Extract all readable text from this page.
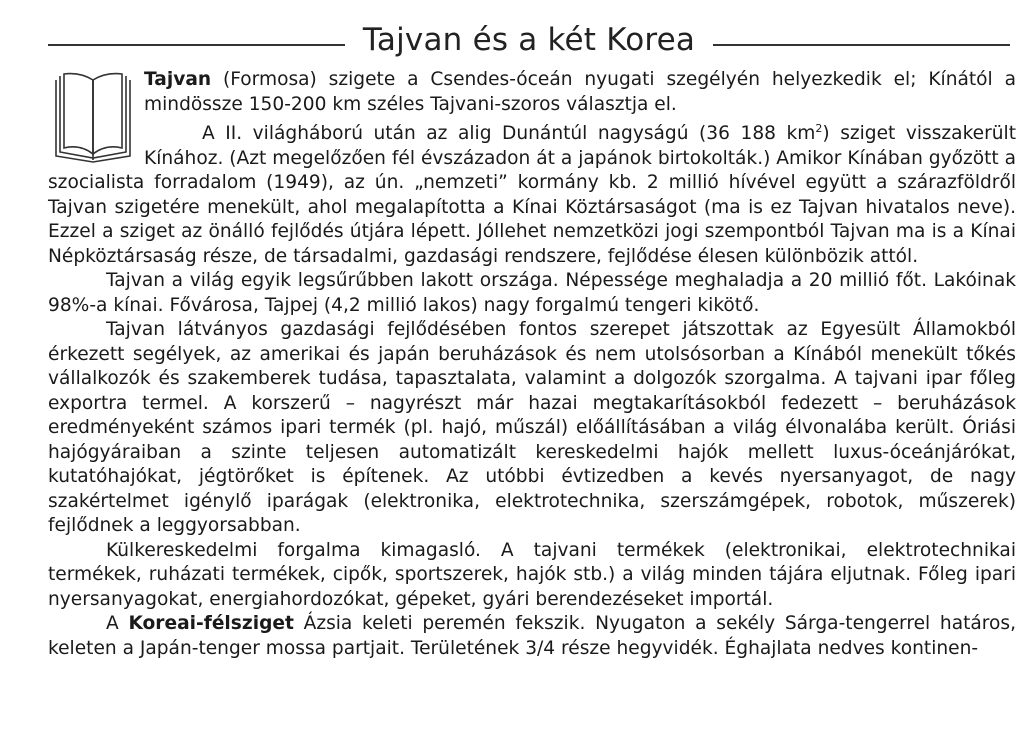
Tajvan és a két Korea

Tajvan (Formosa) szigete a Csendes-óceán nyugati szegélyén helyezkedik el; Kínától a mindössze 150-200 km széles Tajvani-szoros választja el.

A II. világháború után az alig Dunántúl nagyságú (36 188 $km^2$) sziget visszakerült Kínához. (Azt megelőzően fél évszázadon át a japánok birtokolták.) Amikor Kínában győzött a szocialista forradalom (1949), az ún. „nemzeti” kormány kb. 2 millió hívével együtt a szárazföldről Tajvan szigetére menekült, ahol megalapította a Kínai Köztársaságot (ma is ez Tajvan hivatalos neve). Ezzel a sziget az önálló fejlődés útjára lépett. Jóllehet nemzetközi jogi szempontból Tajvan ma is a Kínai Népköztársaság része, de társadalmi, gazdasági rendszere, fejlődése élesen különbözik attól.

Tajvan a világ egyik legsűrűbben lakott országa. Népessége meghaladja a 20 millió főt. Lakóinak 98%-a kínai. Fővárosa, Tajpej (4,2 millió lakos) nagy forgalmú tengeri kikötő.

Tajvan látványos gazdasági fejlődésében fontos szerepet játszottak az Egyesült Államokból érkezett segélyek, az amerikai és japán beruházások és nem utolsósorban a Kínából menekült tőkés vállalkozók és szakemberek tudása, tapasztalata, valamint a dolgozók szorgalma. A tajvani ipar főleg exportra termel. A korszerű – nagyrészt már hazai megtakarításokból fedezett – beruházások eredményeként számos ipari termék (pl. hajó, műszál) előállításában a világ élvonalába került. Óriási hajógyáraiban a szinte teljesen automatizált kereskedelmi hajók mellett luxus-óceánjárókat, kutatóhajókat, jégtörőket is építenek. Az utóbbi évtizedben a kevés nyersanyagot, de nagy szakértelmet igénylő iparágak (elektronika, elektrotechnika, szerszámgépek, robotok, műszerek) fejlődnek a leggyorsabban.

Külkereskedelmi forgalma kimagasló. A tajvani termékek (elektronikai, elektrotechnikai termékek, ruházati termékek, cipők, sportszerek, hajók stb.) a világ minden tájára eljutnak. Főleg ipari nyersanyagokat, energiahordozókat, gépeket, gyári berendezéseket importál.

A Koreai-félsziget Ázsia keleti peremén fekszik. Nyugaton a sekély Sárga-tengerrel határos, keleten a Japán-tenger mossa partjait. Területének 3/4 része hegyvidék. Éghajlata nedves kontinen-
